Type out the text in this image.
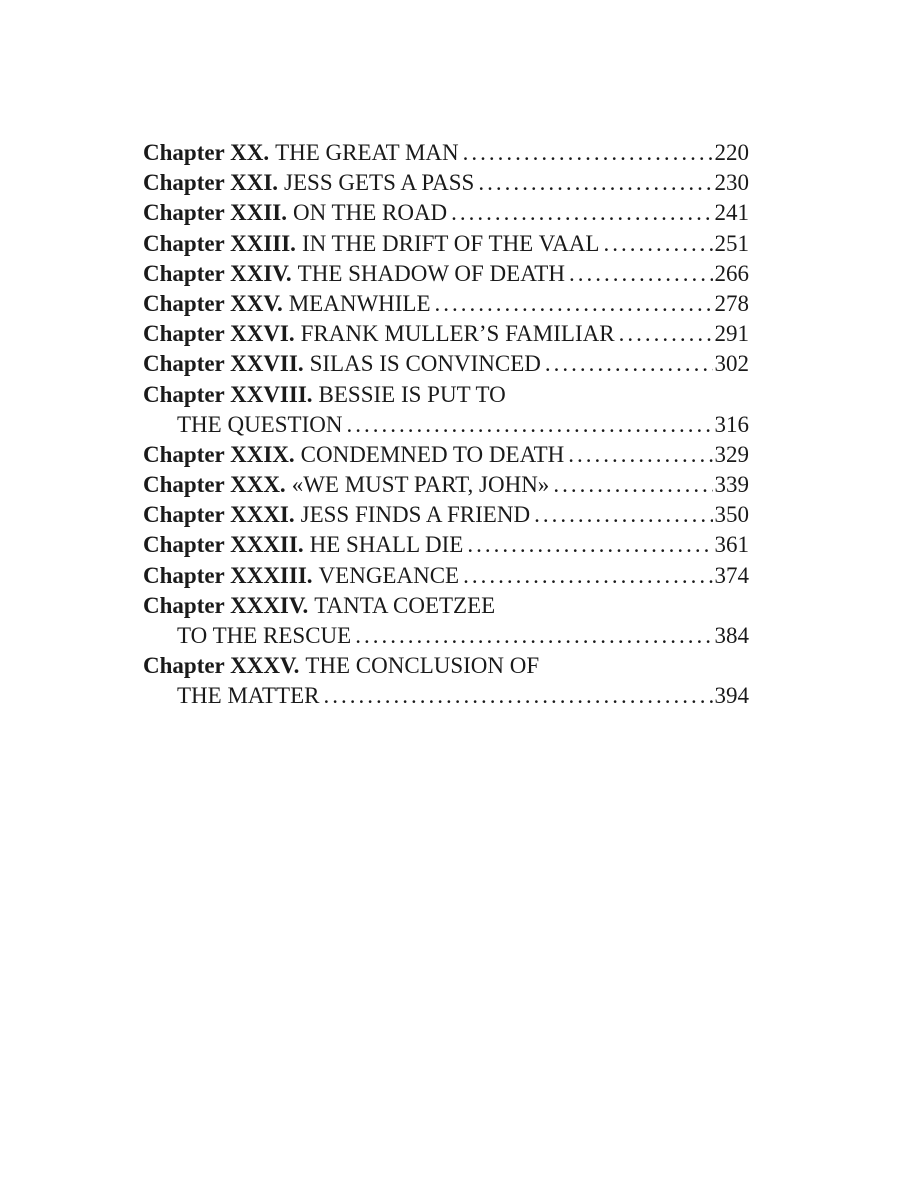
Chapter XX. THE GREAT MAN .....	220
Chapter XXI. JESS GETS A PASS .....	230
Chapter XXII. ON THE ROAD .....	241
Chapter XXIII. IN THE DRIFT OF THE VAAL .....	251
Chapter XXIV. THE SHADOW OF DEATH .....	266
Chapter XXV. MEANWHILE .....	278
Chapter XXVI. FRANK MULLER’S FAMILIAR .....	291
Chapter XXVII. SILAS IS CONVINCED .....	302
Chapter XXVIII. BESSIE IS PUT TO
THE QUESTION .....	316
Chapter XXIX. CONDEMNED TO DEATH .....	329
Chapter XXX. «WE MUST PART, JOHN» .....	339
Chapter XXXI. JESS FINDS A FRIEND .....	350
Chapter XXXII. HE SHALL DIE .....	361
Chapter XXXIII. VENGEANCE .....	374
Chapter XXXIV. TANTA COETZEE
TO THE RESCUE .....	384
Chapter XXXV. THE CONCLUSION OF
THE MATTER .....	394
